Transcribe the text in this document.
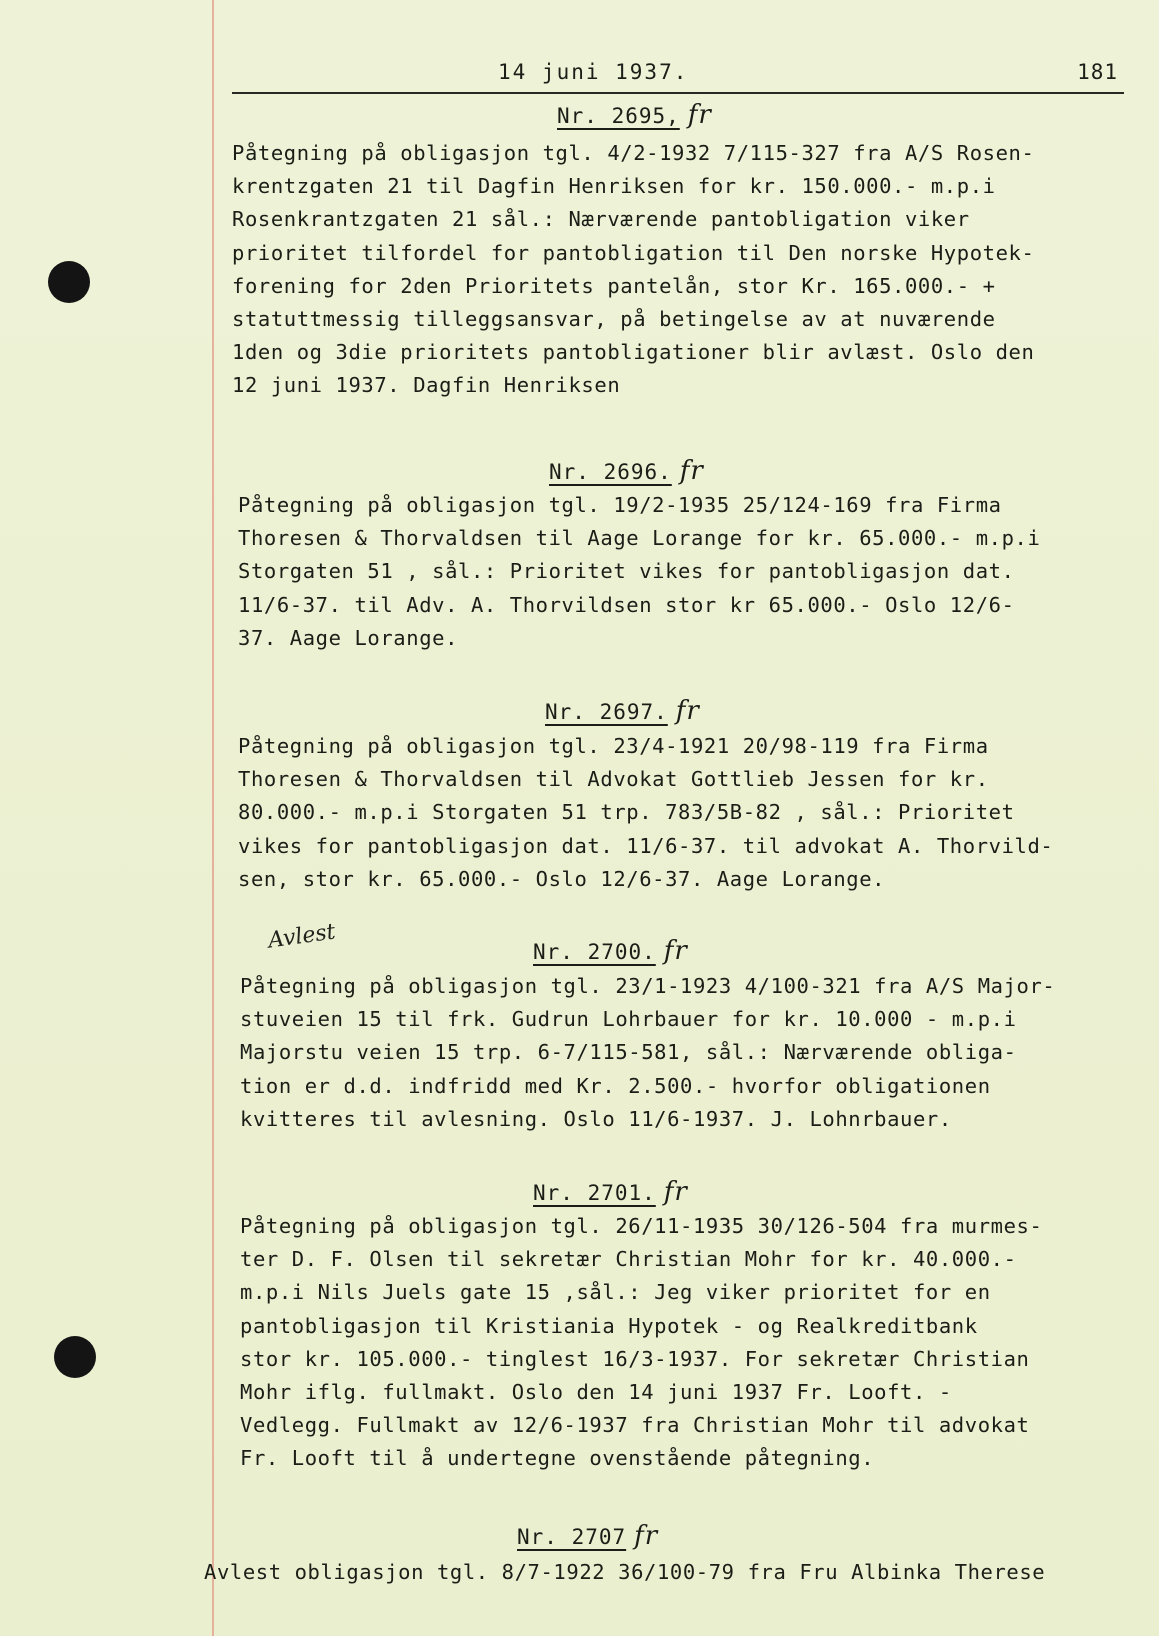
14 juni 1937.	181
Nr. 2695, fr
Påtegning på obligasjon tgl. 4/2-1932 7/115-327 fra A/S Rosen-
krentzgaten 21 til Dagfin Henriksen for kr. 150.000.- m.p.i
Rosenkrantzgaten 21 sål.: Nærværende pantobligation viker
prioritet tilfordel for pantobligation til Den norske Hypotek-
forening for 2den Prioritets pantelån, stor Kr. 165.000.- +
statuttmessig tilleggsansvar, på betingelse av at nuværende
1den og 3die prioritets pantobligationer blir avlæst. Oslo den
12 juni 1937. Dagfin Henriksen
Nr. 2696. fr
Påtegning på obligasjon tgl. 19/2-1935 25/124-169 fra Firma
Thoresen & Thorvaldsen til Aage Lorange for kr. 65.000.- m.p.i
Storgaten 51 , sål.: Prioritet vikes for pantobligasjon dat.
11/6-37. til Adv. A. Thorvildsen stor kr 65.000.- Oslo 12/6-
37. Aage Lorange.
Nr. 2697. fr
Påtegning på obligasjon tgl. 23/4-1921 20/98-119 fra Firma
Thoresen & Thorvaldsen til Advokat Gottlieb Jessen for kr.
80.000.- m.p.i Storgaten 51 trp. 783/5B-82 , sål.: Prioritet
vikes for pantobligasjon dat. 11/6-37. til advokat A. Thorvild-
sen, stor kr. 65.000.- Oslo 12/6-37. Aage Lorange.
Nr. 2700. fr
Avlest
Påtegning på obligasjon tgl. 23/1-1923 4/100-321 fra A/S Major-
stuveien 15 til frk. Gudrun Lohrbauer for kr. 10.000 - m.p.i
Majorstu veien 15 trp. 6-7/115-581, sål.: Nærværende obliga-
tion er d.d. indfridd med Kr. 2.500.- hvorfor obligationen
kvitteres til avlesning. Oslo 11/6-1937. J. Lohnrbauer.
Nr. 2701. fr
Påtegning på obligasjon tgl. 26/11-1935 30/126-504 fra murmes-
ter D. F. Olsen til sekretær Christian Mohr for kr. 40.000.-
m.p.i Nils Juels gate 15 ,sål.: Jeg viker prioritet for en
pantobligasjon til Kristiania Hypotek - og Realkreditbank
stor kr. 105.000.- tinglest 16/3-1937. For sekretær Christian
Mohr iflg. fullmakt. Oslo den 14 juni 1937 Fr. Looft. -
Vedlegg. Fullmakt av 12/6-1937 fra Christian Mohr til advokat
Fr. Looft til å undertegne ovenstående påtegning.
Nr. 2707 fr
Avlest obligasjon tgl. 8/7-1922 36/100-79 fra Fru Albinka Therese
